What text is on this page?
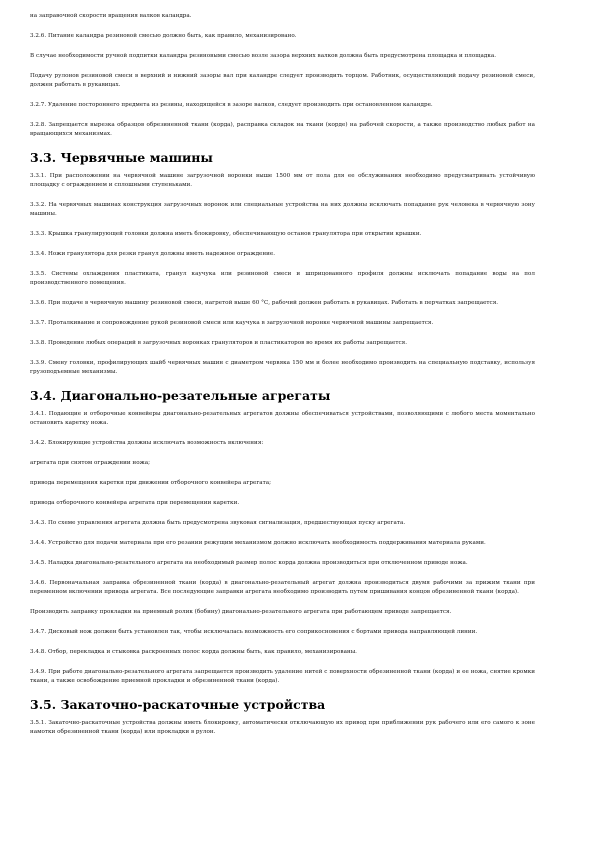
на заправочной скорости вращения валков каландра.

3.2.6. Питание каландра резиновой смесью должно быть, как правило, механизировано.

В случае необходимости ручной подпитки каландра резиновыми смесью возле зазора верхних валков должна быть предусмотрена площадка и площадка.

Подачу рулонов резиновой смеси в верхний и нижний зазоры вал при каландре следует производить торцом. Работник, осуществляющий подачу резиновой смеси, должен работать в рукавицах.

3.2.7. Удаление постороннего предмета из резины, находящейся в зазоре валков, следует производить при остановленном каландре.

3.2.8. Запрещается вырезка образцов обрезиненной ткани (корда), расправка складок на ткани (корде) на рабочей скорости, а также производство любых работ на вращающихся механизмах.

3.3. Червячные машины

3.3.1. При расположении на червячной машине загрузочной воронки выше 1500 мм от пола для ее обслуживания необходимо предусматривать устойчивую площадку с ограждением и сплошными ступеньками.

3.3.2. На червячных машинах конструкция загрузочных воронок или специальные устройства на них должны исключать попадание рук человека в червячную зону машины.

3.3.3. Крышка гранулирующей головки должна иметь блокировку, обеспечивающую останов гранулятора при открытии крышки.

3.3.4. Ножи гранулятора для резки гранул должны иметь надежное ограждение.

3.3.5. Системы охлаждения пластиката, гранул каучука или резиновой смеси и шприцованного профиля должны исключать попадание воды на пол производственного помещения.

3.3.6. При подаче в червячную машину резиновой смеси, нагретой выше 60 °С, рабочий должен работать в рукавицах. Работать в перчатках запрещается.

3.3.7. Проталкивание и сопровождение рукой резиновой смеси или каучука в загрузочной воронке червячной машины запрещается.

3.3.8. Проведение любых операций в загрузочных воронках грануляторов и пластикаторов во время их работы запрещается.

3.3.9. Смену головки, профилирующих шайб червячных машин с диаметром червяка 150 мм и более необходимо производить на специальную подставку, используя грузоподъемные механизмы.

3.4. Диагонально-резательные агрегаты

3.4.1. Подающие и отборочные конвейеры диагонально-резательных агрегатов должны обеспечиваться устройствами, позволяющими с любого места моментально остановить каретку ножа.

3.4.2. Блокирующие устройства должны исключать возможность включения:

агрегата при снятом ограждении ножа;

привода перемещения каретки при движении отборочного конвейера агрегата;

привода отборочного конвейера агрегата при перемещении каретки.

3.4.3. По схеме управления агрегата должна быть предусмотрена звуковая сигнализация, предшествующая пуску агрегата.

3.4.4. Устройство для подачи материала при его резании режущим механизмом должно исключать необходимость поддерживания материала руками.

3.4.5. Наладка диагонально-резательного агрегата на необходимый размер полос корда должна производиться при отключенном приводе ножа.

3.4.6. Первоначальная заправка обрезиненной ткани (корда) в диагонально-резательный агрегат должна производиться двумя рабочими за прижим ткани при переменном включении привода агрегата. Все последующие заправки агрегата необходимо производить путем пришивания концов обрезиненной ткани (корда).

Производить заправку прокладки на приемный ролик (бобину) диагонально-резательного агрегата при работающем приводе запрещается.

3.4.7. Дисковый нож должен быть установлен так, чтобы исключалась возможность его соприкосновения с бортами привода направляющей линии.

3.4.8. Отбор, перекладка и стыковка раскроенных полос корда должны быть, как правило, механизированы.

3.4.9. При работе диагонально-резательного агрегата запрещается производить удаление нитей с поверхности обрезиненной ткани (корда) и ее ножа, снятие кромки ткани, а также освобождение приемной прокладки и обрезиненной ткани (корда).

3.5. Закаточно-раскаточные устройства

3.5.1. Закаточно-раскаточные устройства должны иметь блокировку, автоматически отключающую их привод при приближении рук рабочего или его самого к зоне намотки обрезиненной ткани (корда) или прокладки в рулон.
